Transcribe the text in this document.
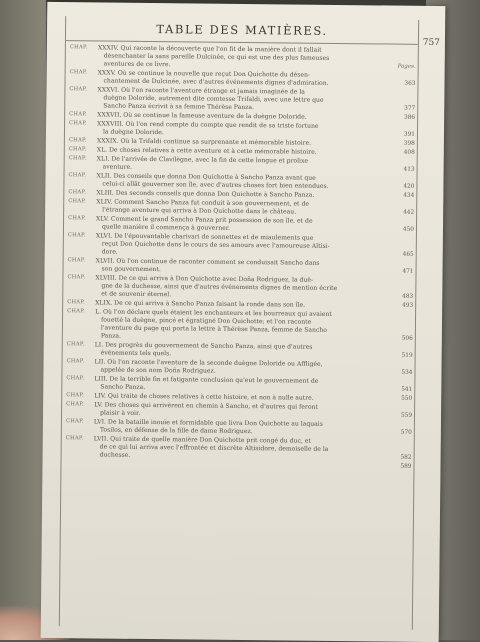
TABLE DES MATIÈRES.
757
Pages.
CHAP. XXXIV. Qui raconte la découverte que l'on fit de la manière dont il fallait
désenchanter la sans pareille Dulcinée, ce qui est une des plus fameuses
aventures de ce livre.
CHAP. XXXV. Où se continue la nouvelle que reçut Don Quichotte du désen-
chantement de Dulcinée, avec d'autres événements dignes d'admiration.	363
CHAP. XXXVI. Où l'on raconte l'aventure étrange et jamais imaginée de la
duègne Doloride, autrement dite comtesse Trifaldi, avec une lettre que
Sancho Panza écrivit à sa femme Thérèse Panza.	377
CHAP. XXXVII. Où se continue la fameuse aventure de la duègne Doloride.	386
CHAP. XXXVIII. Où l'on rend compte du compte que rendit de sa triste fortune
la duègne Doloride.	391
CHAP. XXXIX. Où la Trifaldi continue sa surprenante et mémorable histoire.	398
CHAP. XL. De choses relatives à cette aventure et à cette mémorable histoire.	408
CHAP. XLI. De l'arrivée de Clavilègne, avec la fin de cette longue et prolixe
aventure.	413
CHAP. XLII. Des conseils que donna Don Quichotte à Sancho Panza avant que
celui-ci allât gouverner son île, avec d'autres choses fort bien entendues.	420
CHAP. XLIII. Des seconds conseils que donna Don Quichotte à Sancho Panza.	434
CHAP. XLIV. Comment Sancho Panza fut conduit à son gouvernement, et de
l'étrange aventure qui arriva à Don Quichotte dans le château.	442
CHAP. XLV. Comment le grand Sancho Panza prit possession de son île, et de
quelle manière il commença à gouverner.	450
CHAP. XLVI. De l'épouvantable charivari de sonnettes et de miaulements que
reçut Don Quichotte dans le cours de ses amours avec l'amoureuse Altisi-
dore.	465
CHAP. XLVII. Où l'on continue de raconter comment se conduisait Sancho dans
son gouvernement.	471
CHAP. XLVIII. De ce qui arriva à Don Quichotte avec Doña Rodriguez, la duè-
gne de la duchesse, ainsi que d'autres événements dignes de mention écrite
et de souvenir éternel.	483
CHAP. XLIX. De ce qui arriva à Sancho Panza faisant la ronde dans son île.	493
CHAP. L. Où l'on déclare quels étaient les enchanteurs et les bourreaux qui avaient
fouetté la duègne, pincé et égratigné Don Quichotte; et l'on raconte
l'aventure du page qui porta la lettre à Thérèse Panza, femme de Sancho
Panza.	506
CHAP. LI. Des progrès du gouvernement de Sancho Panza, ainsi que d'autres
événements tels quels.	519
CHAP. LII. Où l'on raconte l'aventure de la seconde duègne Doloride ou Affligée,
appelée de son nom Doña Rodriguez.	534
CHAP. LIII. De la terrible fin et fatigante conclusion qu'eut le gouvernement de
Sancho Panza.	541
CHAP. LIV. Qui traite de choses relatives à cette histoire, et non à nulle autre.	550
CHAP. LV. Des choses qui arrivèrent en chemin à Sancho, et d'autres qui feront
plaisir à voir.	559
CHAP. LVI. De la bataille inouïe et formidable que livra Don Quichotte au laquais
Tosilos, en défense de la fille de dame Rodriguez.	570
CHAP. LVII. Qui traite de quelle manière Don Quichotte prit congé du duc, et
de ce qui lui arriva avec l'effrontée et discrète Altisidore, demoiselle de la
duchesse.	582
589
